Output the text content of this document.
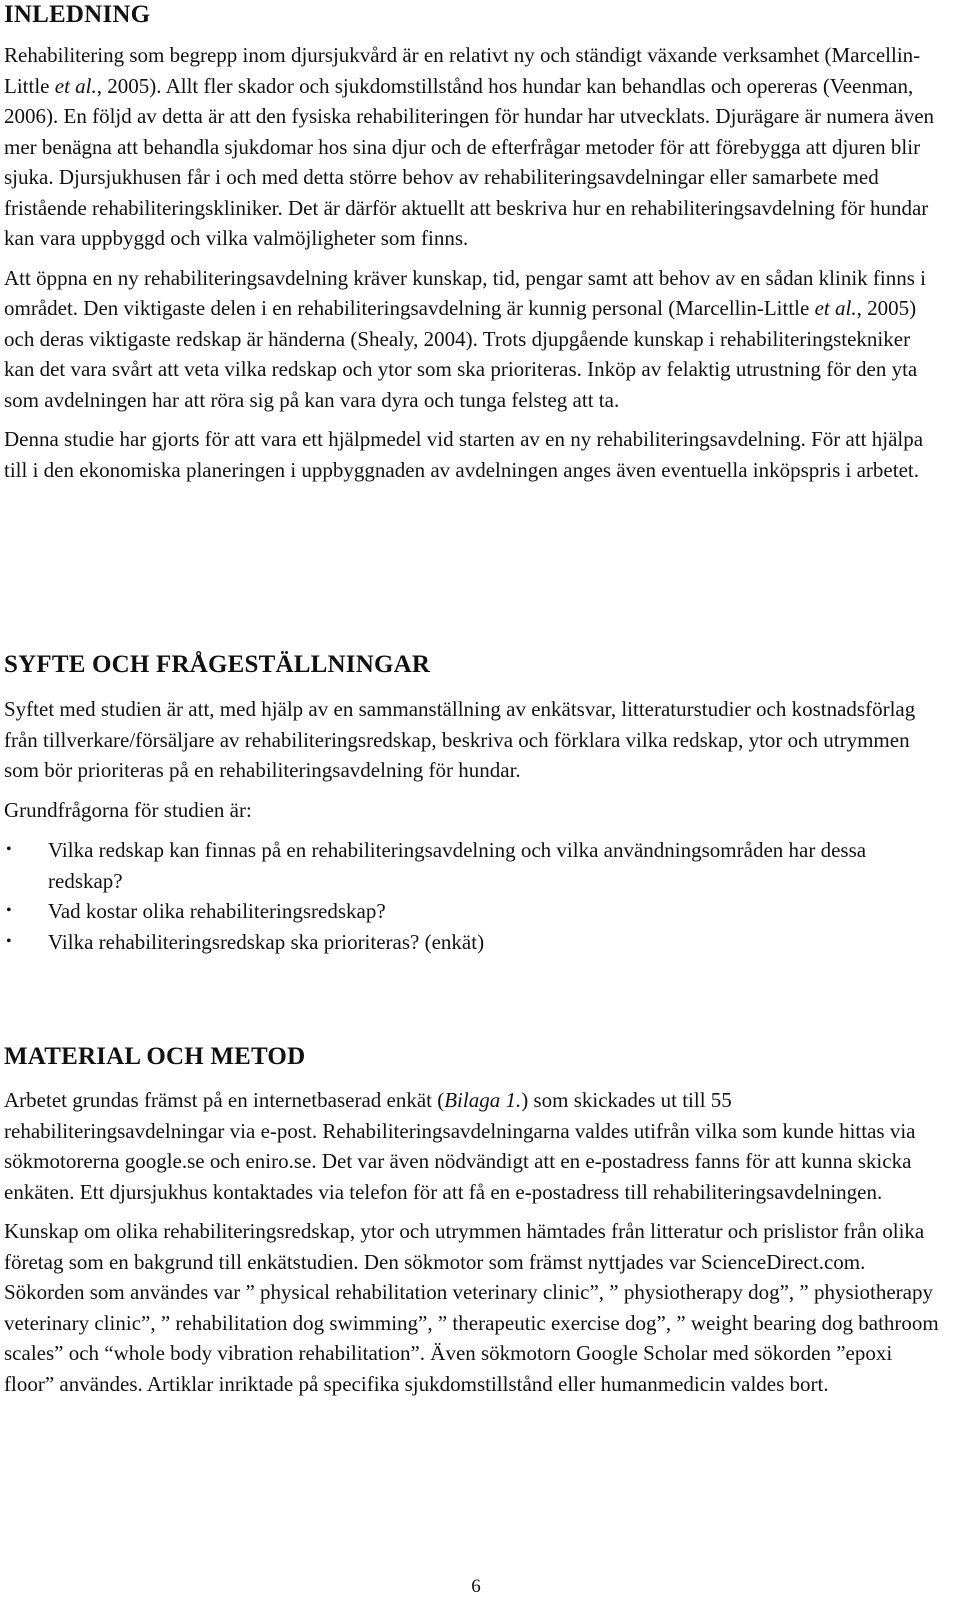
INLEDNING

Rehabilitering som begrepp inom djursjukvård är en relativt ny och ständigt växande verksamhet (Marcellin-Little et al., 2005). Allt fler skador och sjukdomstillstånd hos hundar kan behandlas och opereras (Veenman, 2006). En följd av detta är att den fysiska rehabiliteringen för hundar har utvecklats. Djurägare är numera även mer benägna att behandla sjukdomar hos sina djur och de efterfrågar metoder för att förebygga att djuren blir sjuka. Djursjukhusen får i och med detta större behov av rehabiliteringsavdelningar eller samarbete med fristående rehabiliteringskliniker. Det är därför aktuellt att beskriva hur en rehabiliteringsavdelning för hundar kan vara uppbyggd och vilka valmöjligheter som finns.

Att öppna en ny rehabiliteringsavdelning kräver kunskap, tid, pengar samt att behov av en sådan klinik finns i området. Den viktigaste delen i en rehabiliteringsavdelning är kunnig personal (Marcellin-Little et al., 2005) och deras viktigaste redskap är händerna (Shealy, 2004). Trots djupgående kunskap i rehabiliteringstekniker kan det vara svårt att veta vilka redskap och ytor som ska prioriteras. Inköp av felaktig utrustning för den yta som avdelningen har att röra sig på kan vara dyra och tunga felsteg att ta.

Denna studie har gjorts för att vara ett hjälpmedel vid starten av en ny rehabiliteringsavdelning. För att hjälpa till i den ekonomiska planeringen i uppbyggnaden av avdelningen anges även eventuella inköpspris i arbetet.

SYFTE OCH FRÅGESTÄLLNINGAR

Syftet med studien är att, med hjälp av en sammanställning av enkätsvar, litteraturstudier och kostnadsförlag från tillverkare/försäljare av rehabiliteringsredskap, beskriva och förklara vilka redskap, ytor och utrymmen som bör prioriteras på en rehabiliteringsavdelning för hundar.

Grundfrågorna för studien är:

• Vilka redskap kan finnas på en rehabiliteringsavdelning och vilka användningsområden har dessa redskap?
• Vad kostar olika rehabiliteringsredskap?
• Vilka rehabiliteringsredskap ska prioriteras? (enkät)
MATERIAL OCH METOD

Arbetet grundas främst på en internetbaserad enkät (Bilaga 1.) som skickades ut till 55 rehabiliteringsavdelningar via e-post. Rehabiliteringsavdelningarna valdes utifrån vilka som kunde hittas via sökmotorerna google.se och eniro.se. Det var även nödvändigt att en e-postadress fanns för att kunna skicka enkäten. Ett djursjukhus kontaktades via telefon för att få en e-postadress till rehabiliteringsavdelningen.

Kunskap om olika rehabiliteringsredskap, ytor och utrymmen hämtades från litteratur och prislistor från olika företag som en bakgrund till enkätstudien. Den sökmotor som främst nyttjades var ScienceDirect.com. Sökorden som användes var ” physical rehabilitation veterinary clinic”, ” physiotherapy dog”, ” physiotherapy veterinary clinic”, ” rehabilitation dog swimming”, ” therapeutic exercise dog”, ” weight bearing dog bathroom scales” och “whole body vibration rehabilitation”. Även sökmotorn Google Scholar med sökorden ”epoxi floor” användes. Artiklar inriktade på specifika sjukdomstillstånd eller humanmedicin valdes bort.

6
